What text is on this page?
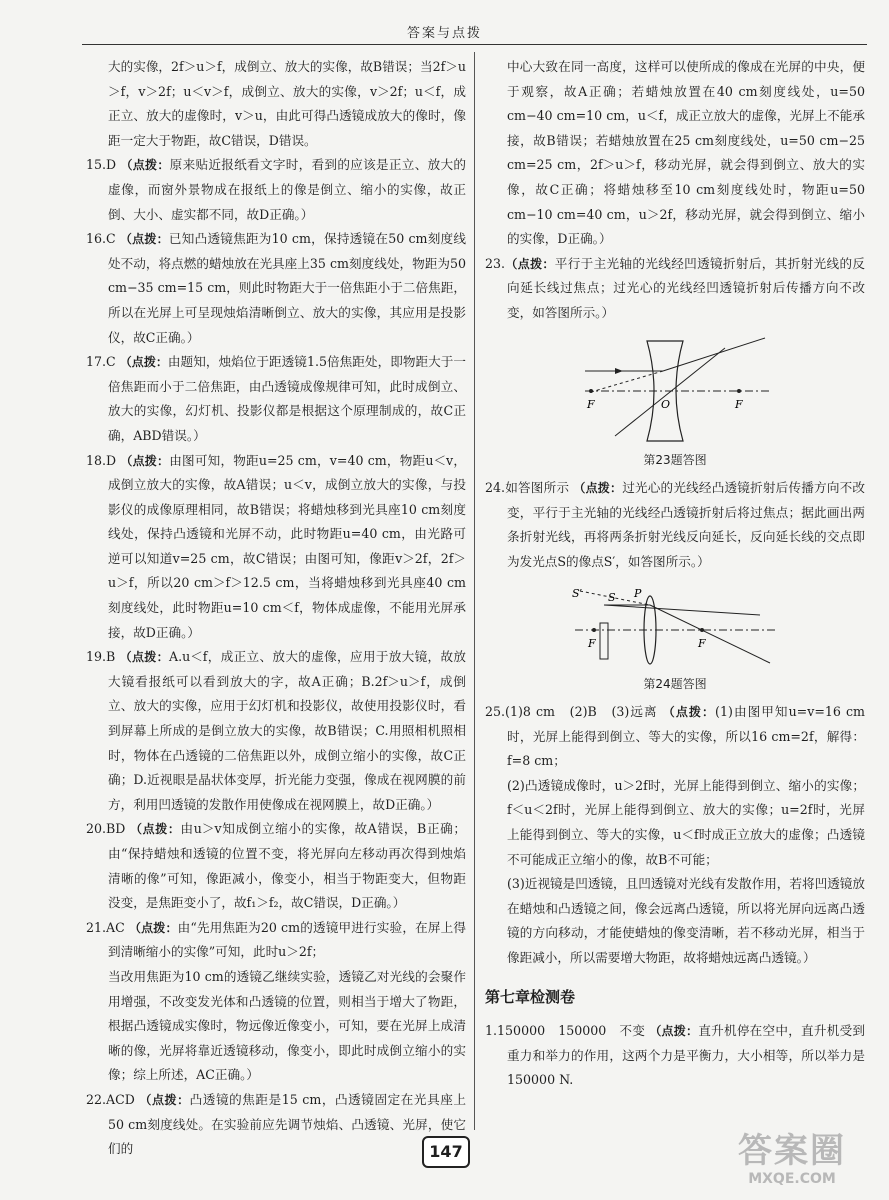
答案与点拨

大的实像，2f＞u＞f，成倒立、放大的实像，故B错误；当2f＞u＞f，v＞2f；u＜v＞f，成倒立、放大的实像，v＞2f；u＜f，成正立、放大的虚像时，v＞u，由此可得凸透镜成放大的像时，像距一定大于物距，故C错误，D错误。

15.D （点拨：原来贴近报纸看文字时，看到的应该是正立、放大的虚像，而窗外景物成在报纸上的像是倒立、缩小的实像，故正倒、大小、虚实都不同，故D正确。）

16.C （点拨：已知凸透镜焦距为10 cm，保持透镜在50 cm刻度线处不动，将点燃的蜡烛放在光具座上35 cm刻度线处，物距为50 cm−35 cm=15 cm，则此时物距大于一倍焦距小于二倍焦距，所以在光屏上可呈现烛焰清晰倒立、放大的实像，其应用是投影仪，故C正确。）

17.C （点拨：由题知，烛焰位于距透镜1.5倍焦距处，即物距大于一倍焦距而小于二倍焦距，由凸透镜成像规律可知，此时成倒立、放大的实像，幻灯机、投影仪都是根据这个原理制成的，故C正确，ABD错误。）

18.D （点拨：由图可知，物距u=25 cm，v=40 cm，物距u＜v，成倒立放大的实像，故A错误；u＜v，成倒立放大的实像，与投影仪的成像原理相同，故B错误；将蜡烛移到光具座10 cm刻度线处，保持凸透镜和光屏不动，此时物距u=40 cm，由光路可逆可以知道v=25 cm，故C错误；由图可知，像距v＞2f，2f＞u＞f，所以20 cm＞f＞12.5 cm，当将蜡烛移到光具座40 cm刻度线处，此时物距u=10 cm＜f，物体成虚像，不能用光屏承接，故D正确。）

19.B （点拨：A.u＜f，成正立、放大的虚像，应用于放大镜，故放大镜看报纸可以看到放大的字，故A正确；B.2f＞u＞f，成倒立、放大的实像，应用于幻灯机和投影仪，故使用投影仪时，看到屏幕上所成的是倒立放大的实像，故B错误；C.用照相机照相时，物体在凸透镜的二倍焦距以外，成倒立缩小的实像，故C正确；D.近视眼是晶状体变厚，折光能力变强，像成在视网膜的前方，利用凹透镜的发散作用使像成在视网膜上，故D正确。）

20.BD （点拨：由u＞v知成倒立缩小的实像，故A错误，B正确；由“保持蜡烛和透镜的位置不变，将光屏向左移动再次得到烛焰清晰的像”可知，像距减小，像变小，相当于物距变大，但物距没变，是焦距变小了，故f₁＞f₂，故C错误，D正确。）

21.AC （点拨：由“先用焦距为20 cm的透镜甲进行实验，在屏上得到清晰缩小的实像”可知，此时u＞2f；

当改用焦距为10 cm的透镜乙继续实验，透镜乙对光线的会聚作用增强，不改变发光体和凸透镜的位置，则相当于增大了物距，根据凸透镜成实像时，物远像近像变小，可知，要在光屏上成清晰的像，光屏将靠近透镜移动，像变小，即此时成倒立缩小的实像；综上所述，AC正确。）

22.ACD （点拨：凸透镜的焦距是15 cm，凸透镜固定在光具座上50 cm刻度线处。在实验前应先调节烛焰、凸透镜、光屏，使它们的

中心大致在同一高度，这样可以使所成的像成在光屏的中央，便于观察，故A正确；若蜡烛放置在40 cm刻度线处，u=50 cm−40 cm=10 cm，u＜f，成正立放大的虚像，光屏上不能承接，故B错误；若蜡烛放置在25 cm刻度线处，u=50 cm−25 cm=25 cm，2f＞u＞f，移动光屏，就会得到倒立、放大的实像，故C正确；将蜡烛移至10 cm刻度线处时，物距u=50 cm−10 cm=40 cm，u＞2f，移动光屏，就会得到倒立、缩小的实像，D正确。）

23.（点拨：平行于主光轴的光线经凹透镜折射后，其折射光线的反向延长线过焦点；过光心的光线经凹透镜折射后传播方向不改变，如答图所示。）

F	O	F
第23题答图

24.如答图所示 （点拨：过光心的光线经凸透镜折射后传播方向不改变，平行于主光轴的光线经凸透镜折射后将过焦点；据此画出两条折射光线，再将两条折射光线反向延长，反向延长线的交点即为发光点S的像点S′，如答图所示。）

S′ S P
F	F
第24题答图

25.(1)8 cm　(2)B　(3)远离 （点拨：(1)由图甲知u=v=16 cm时，光屏上能得到倒立、等大的实像，所以16 cm=2f，解得：f=8 cm；

(2)凸透镜成像时，u＞2f时，光屏上能得到倒立、缩小的实像；f＜u＜2f时，光屏上能得到倒立、放大的实像；u=2f时，光屏上能得到倒立、等大的实像，u＜f时成正立放大的虚像；凸透镜不可能成正立缩小的像，故B不可能；

(3)近视镜是凹透镜，且凹透镜对光线有发散作用，若将凹透镜放在蜡烛和凸透镜之间，像会远离凸透镜，所以将光屏向远离凸透镜的方向移动，才能使蜡烛的像变清晰，若不移动光屏，相当于像距减小，所以需要增大物距，故将蜡烛远离凸透镜。）

第七章检测卷

1.150000　150000　不变 （点拨：直升机停在空中，直升机受到重力和举力的作用，这两个力是平衡力，大小相等，所以举力是150000 N.

147	答案圈
MXQE.COM
